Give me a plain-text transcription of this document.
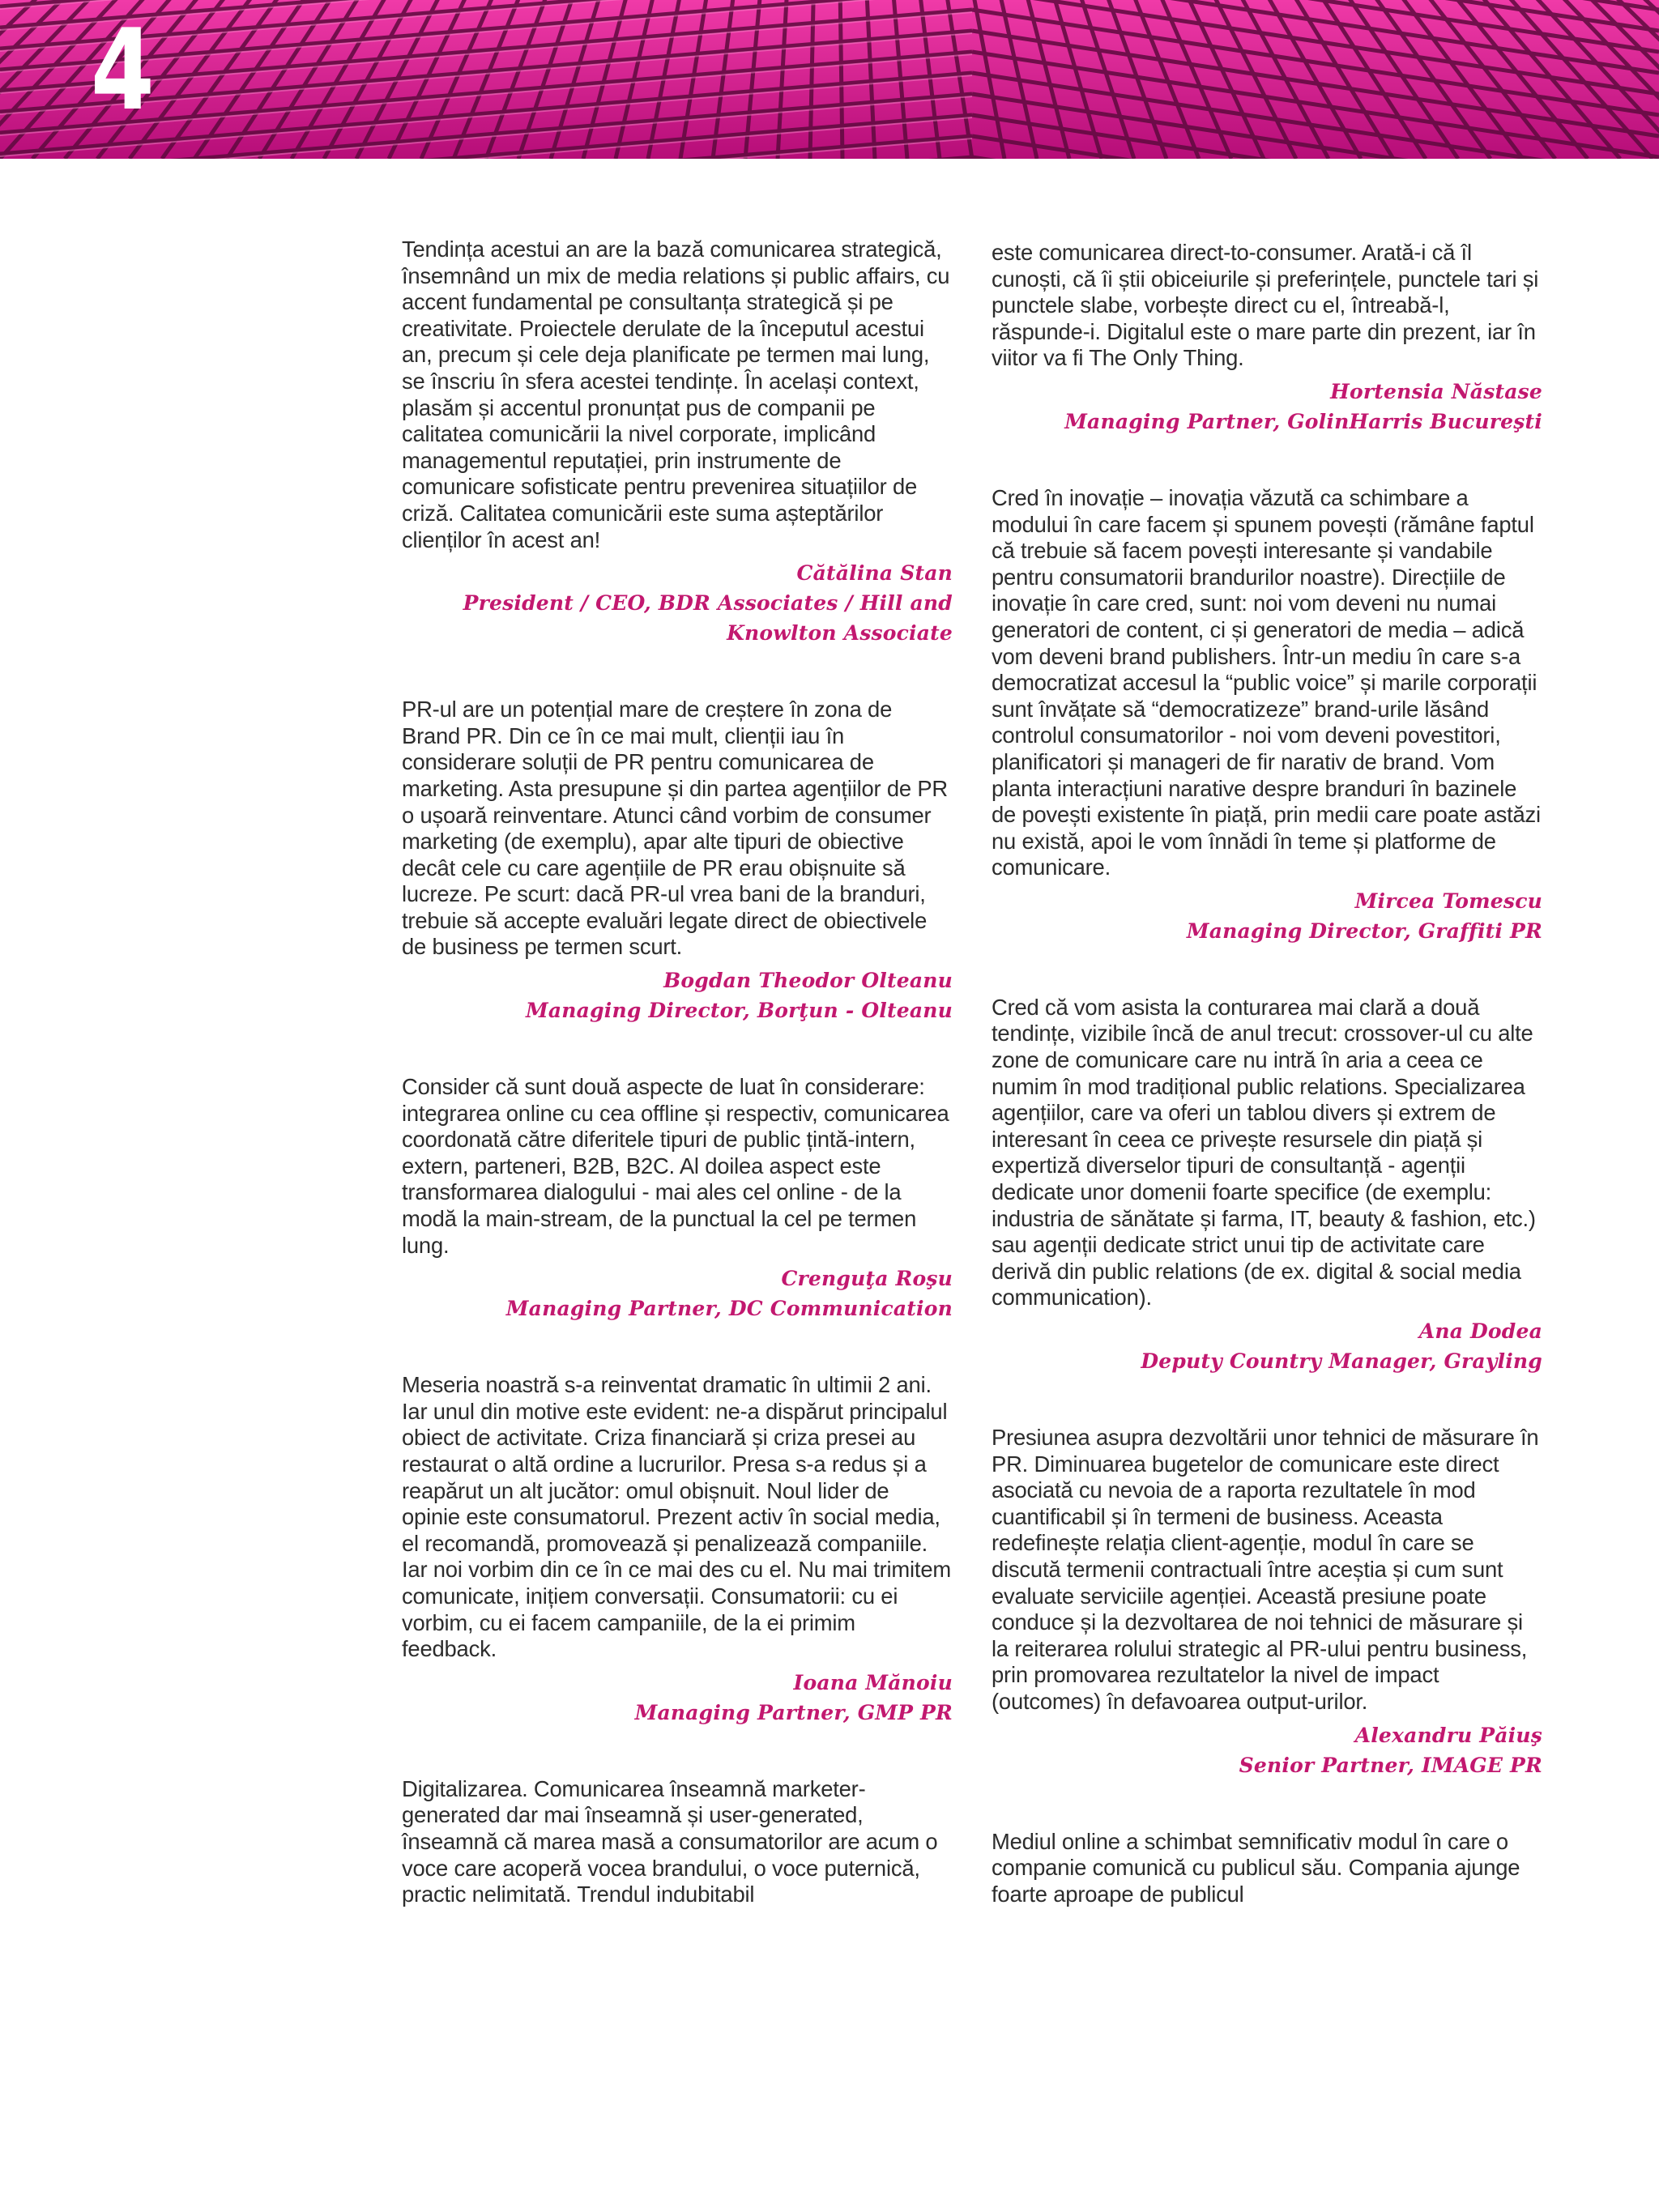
4

Tendința acestui an are la bază comunicarea strategică, însemnând un mix de media relations și public affairs, cu accent fundamental pe consultanța strategică și pe creativitate. Proiectele derulate de la începutul acestui an, precum și cele deja planificate pe termen mai lung, se înscriu în sfera acestei tendințe. În același context, plasăm și accentul pronunțat pus de companii pe calitatea comunicării la nivel corporate, implicând managementul reputației, prin instrumente de comunicare sofisticate pentru prevenirea situațiilor de criză. Calitatea comunicării este suma așteptărilor clienților în acest an!

Cătălina Stan
President / CEO, BDR Associates / Hill and Knowlton Associate

PR-ul are un potențial mare de creștere în zona de Brand PR. Din ce în ce mai mult, clienții iau în considerare soluții de PR pentru comunicarea de marketing. Asta presupune și din partea agențiilor de PR o ușoară reinventare. Atunci când vorbim de consumer marketing (de exemplu), apar alte tipuri de obiective decât cele cu care agențiile de PR erau obișnuite să lucreze. Pe scurt: dacă PR-ul vrea bani de la branduri, trebuie să accepte evaluări legate direct de obiectivele de business pe termen scurt.

Bogdan Theodor Olteanu
Managing Director, Borţun - Olteanu

Consider că sunt două aspecte de luat în considerare: integrarea online cu cea offline și respectiv, comunicarea coordonată către diferitele tipuri de public țintă-intern, extern, parteneri, B2B, B2C. Al doilea aspect este transformarea dialogului - mai ales cel online - de la modă la main-stream, de la punctual la cel pe termen lung.

Crenguţa Roşu
Managing Partner, DC Communication

Meseria noastră s-a reinventat dramatic în ultimii 2 ani. Iar unul din motive este evident: ne-a dispărut principalul obiect de activitate. Criza financiară și criza presei au restaurat o altă ordine a lucrurilor. Presa s-a redus și a reapărut un alt jucător: omul obișnuit. Noul lider de opinie este consumatorul. Prezent activ în social media, el recomandă, promovează și penalizează companiile. Iar noi vorbim din ce în ce mai des cu el. Nu mai trimitem comunicate, inițiem conversații. Consumatorii: cu ei vorbim, cu ei facem campaniile, de la ei primim feedback.

Ioana Mănoiu
Managing Partner, GMP PR

Digitalizarea. Comunicarea înseamnă marketer-generated dar mai înseamnă și user-generated, înseamnă că marea masă a consumatorilor are acum o voce care acoperă vocea brandului, o voce puternică, practic nelimitată. Trendul indubitabil

este comunicarea direct-to-consumer. Arată-i că îl cunoști, că îi știi obiceiurile și preferințele, punctele tari și punctele slabe, vorbește direct cu el, întreabă-l, răspunde-i. Digitalul este o mare parte din prezent, iar în viitor va fi The Only Thing.

Hortensia Năstase
Managing Partner, GolinHarris Bucureşti

Cred în inovație – inovația văzută ca schimbare a modului în care facem și spunem povești (rămâne faptul că trebuie să facem povești interesante și vandabile pentru consumatorii brandurilor noastre). Direcțiile de inovație în care cred, sunt: noi vom deveni nu numai generatori de content, ci și generatori de media – adică vom deveni brand publishers. Într-un mediu în care s-a democratizat accesul la “public voice” și marile corporații sunt învățate să “democratizeze” brand-urile lăsând controlul consumatorilor - noi vom deveni povestitori, planificatori și manageri de fir narativ de brand. Vom planta interacțiuni narative despre branduri în bazinele de povești existente în piață, prin medii care poate astăzi nu există, apoi le vom înnădi în teme și platforme de comunicare.

Mircea Tomescu
Managing Director, Graffiti PR

Cred că vom asista la conturarea mai clară a două tendințe, vizibile încă de anul trecut: crossover-ul cu alte zone de comunicare care nu intră în aria a ceea ce numim în mod tradițional public relations. Specializarea agențiilor, care va oferi un tablou divers și extrem de interesant în ceea ce privește resursele din piață și expertiză diverselor tipuri de consultanță - agenții dedicate unor domenii foarte specifice (de exemplu: industria de sănătate și farma, IT, beauty & fashion, etc.) sau agenții dedicate strict unui tip de activitate care derivă din public relations (de ex. digital & social media communication).

Ana Dodea
Deputy Country Manager, Grayling

Presiunea asupra dezvoltării unor tehnici de măsurare în PR. Diminuarea bugetelor de comunicare este direct asociată cu nevoia de a raporta rezultatele în mod cuantificabil și în termeni de business. Aceasta redefinește relația client-agenție, modul în care se discută termenii contractuali între aceștia și cum sunt evaluate serviciile agenției. Această presiune poate conduce și la dezvoltarea de noi tehnici de măsurare și la reiterarea rolului strategic al PR-ului pentru business, prin promovarea rezultatelor la nivel de impact (outcomes) în defavoarea output-urilor.

Alexandru Păiuş
Senior Partner, IMAGE PR

Mediul online a schimbat semnificativ modul în care o companie comunică cu publicul său. Compania ajunge foarte aproape de publicul
